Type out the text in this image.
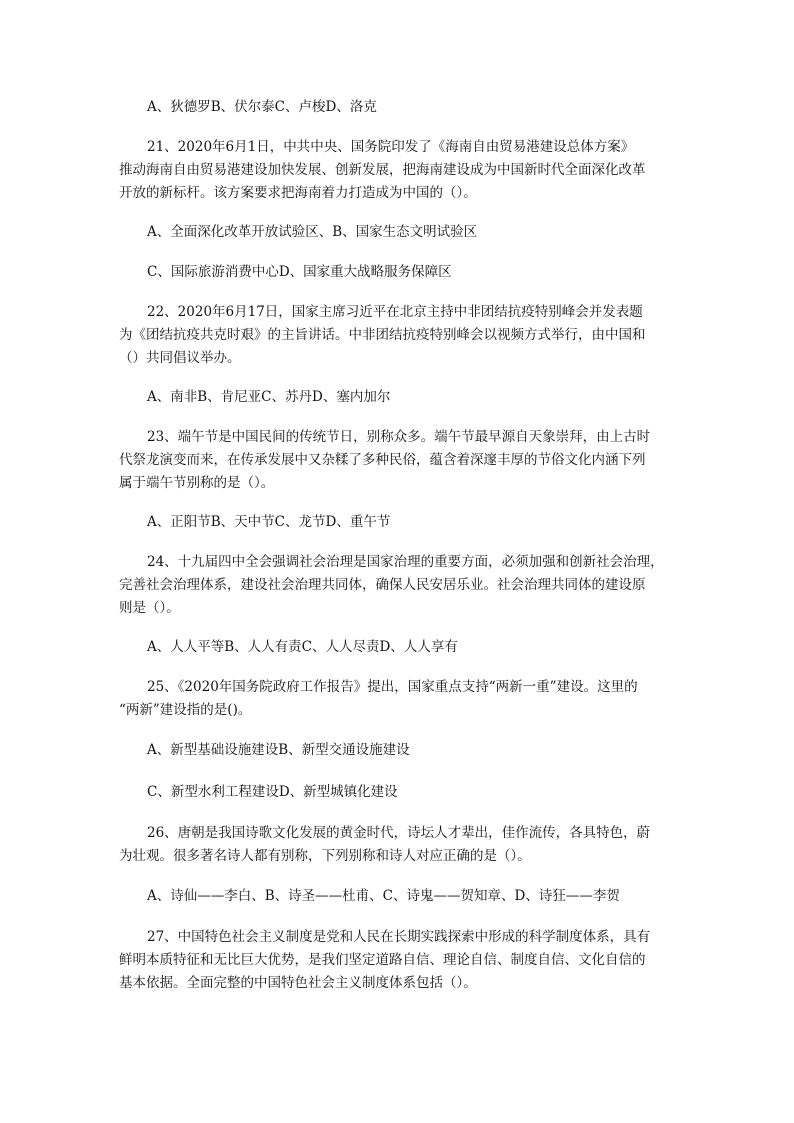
A、狄德罗B、伏尔泰C、卢梭D、洛克

21、2020年6月1日，中共中央、国务院印发了《海南自由贸易港建设总体方案》
推动海南自由贸易港建设加快发展、创新发展，把海南建设成为中国新时代全面深化改革
开放的新标杆。该方案要求把海南着力打造成为中国的（）。

A、全面深化改革开放试验区、B、国家生态文明试验区

C、国际旅游消费中心D、国家重大战略服务保障区

22、2020年6月17日，国家主席习近平在北京主持中非团结抗疫特别峰会并发表题
为《团结抗疫共克时艰》的主旨讲话。中非团结抗疫特别峰会以视频方式举行，由中国和
（）共同倡议举办。

A、南非B、肯尼亚C、苏丹D、塞内加尔

23、端午节是中国民间的传统节日，别称众多。端午节最早源自天象崇拜，由上古时
代祭龙演变而来，在传承发展中又杂糅了多种民俗，蕴含着深邃丰厚的节俗文化内涵下列
属于端午节别称的是（）。

A、正阳节B、天中节C、龙节D、重午节

24、十九届四中全会强调社会治理是国家治理的重要方面，必须加强和创新社会治理，
完善社会治理体系，建设社会治理共同体，确保人民安居乐业。社会治理共同体的建设原
则是（）。

A、人人平等B、人人有责C、人人尽责D、人人享有

25、《2020年国务院政府工作报告》提出，国家重点支持“两新一重”建设。这里的
“两新”建设指的是()。

A、新型基础设施建设B、新型交通设施建设

C、新型水利工程建设D、新型城镇化建设

26、唐朝是我国诗歌文化发展的黄金时代，诗坛人才辈出，佳作流传，各具特色，蔚
为壮观。很多著名诗人都有别称，下列别称和诗人对应正确的是（）。

A、诗仙——李白、B、诗圣——杜甫、C、诗鬼——贺知章、D、诗狂——李贺

27、中国特色社会主义制度是党和人民在长期实践探索中形成的科学制度体系，具有
鲜明本质特征和无比巨大优势，是我们坚定道路自信、理论自信、制度自信、文化自信的
基本依据。全面完整的中国特色社会主义制度体系包括（）。
